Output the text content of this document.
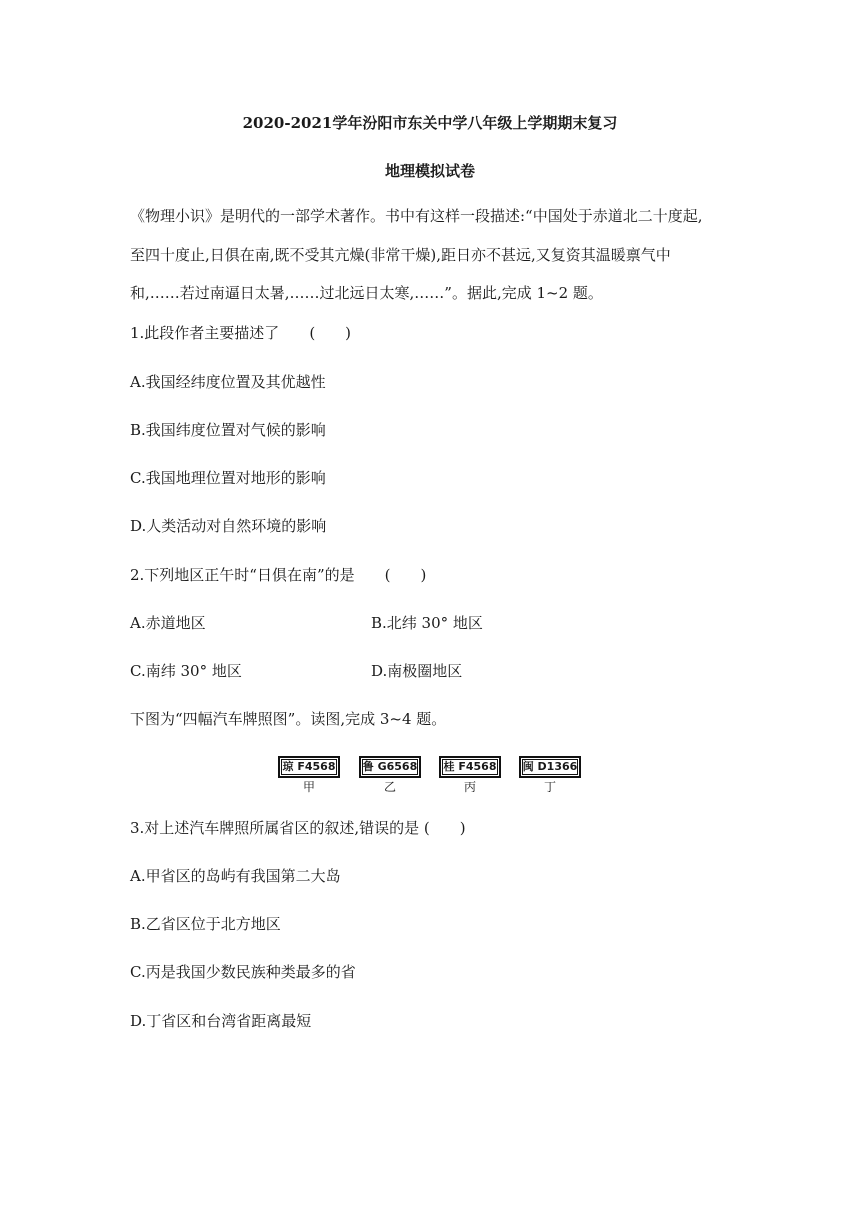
2020-2021学年汾阳市东关中学八年级上学期期末复习
地理模拟试卷
《物理小识》是明代的一部学术著作。书中有这样一段描述:“中国处于赤道北二十度起,
至四十度止,日俱在南,既不受其亢燥(非常干燥),距日亦不甚远,又复资其温暖禀气中
和,……若过南逼日太暑,……过北远日太寒,……”。据此,完成 1~2 题。
1.此段作者主要描述了　　(　　)
A.我国经纬度位置及其优越性
B.我国纬度位置对气候的影响
C.我国地理位置对地形的影响
D.人类活动对自然环境的影响
2.下列地区正午时“日俱在南”的是　　(　　)
A.赤道地区	B.北纬 30° 地区
C.南纬 30° 地区	D.南极圈地区
下图为“四幅汽车牌照图”。读图,完成 3~4 题。
琼 F4568
甲
鲁 G6568
乙
桂 F4568
丙
闽 D1366
丁
3.对上述汽车牌照所属省区的叙述,错误的是 (　　)
A.甲省区的岛屿有我国第二大岛
B.乙省区位于北方地区
C.丙是我国少数民族种类最多的省
D.丁省区和台湾省距离最短
